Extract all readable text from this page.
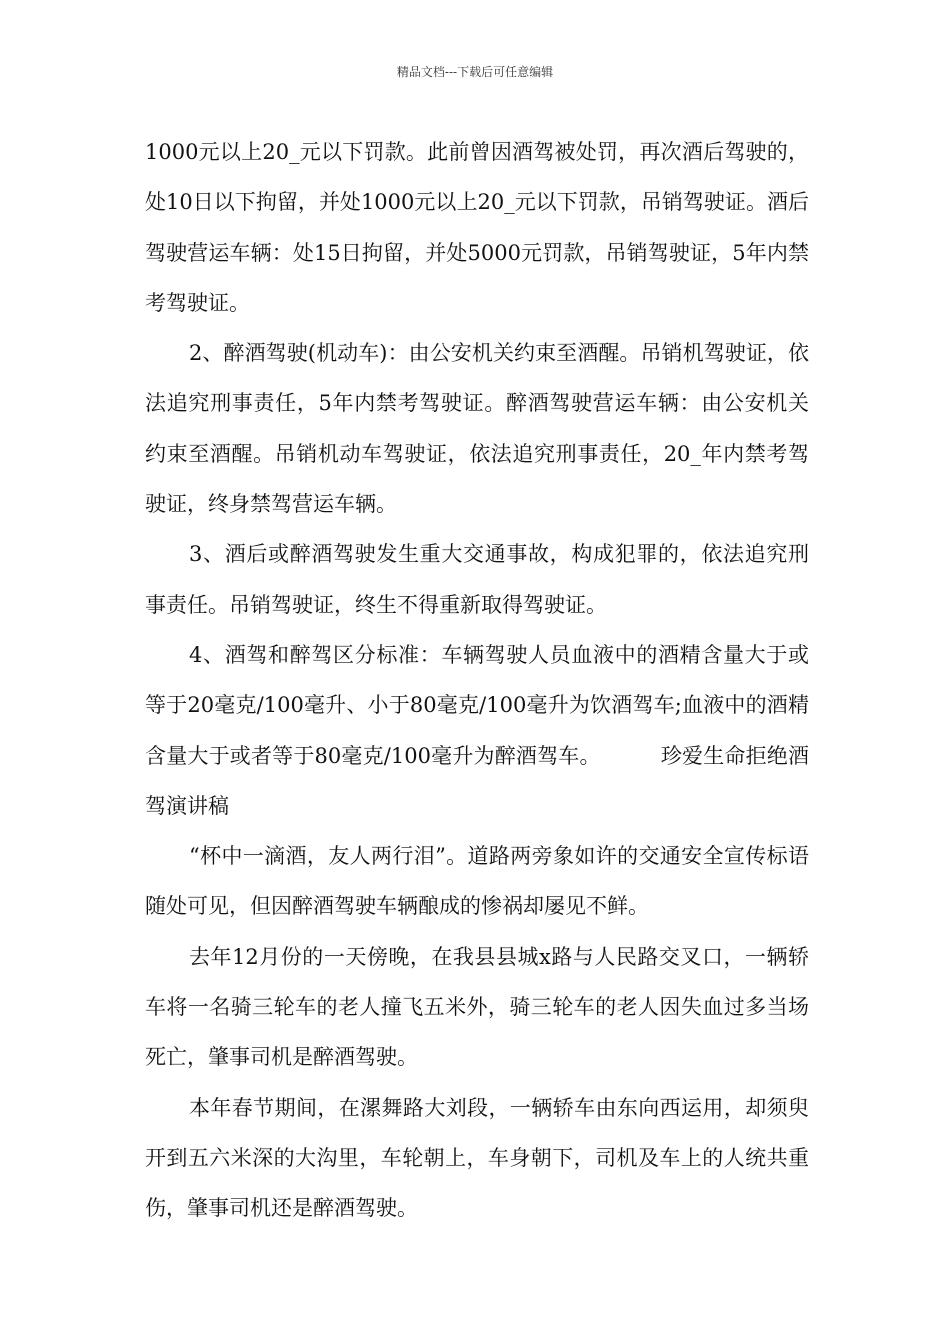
精品文档---下载后可任意编辑

1000元以上20_元以下罚款。此前曾因酒驾被处罚，再次酒后驾驶的，处10日以下拘留，并处1000元以上20_元以下罚款，吊销驾驶证。酒后驾驶营运车辆：处15日拘留，并处5000元罚款，吊销驾驶证，5年内禁考驾驶证。

2、醉酒驾驶(机动车)：由公安机关约束至酒醒。吊销机驾驶证，依法追究刑事责任，5年内禁考驾驶证。醉酒驾驶营运车辆：由公安机关约束至酒醒。吊销机动车驾驶证，依法追究刑事责任，20_年内禁考驾驶证，终身禁驾营运车辆。

3、酒后或醉酒驾驶发生重大交通事故，构成犯罪的，依法追究刑事责任。吊销驾驶证，终生不得重新取得驾驶证。

4、酒驾和醉驾区分标准：车辆驾驶人员血液中的酒精含量大于或等于20毫克/100毫升、小于80毫克/100毫升为饮酒驾车;血液中的酒精含量大于或者等于80毫克/100毫升为醉酒驾车。	珍爱生命拒绝酒驾演讲稿

“杯中一滴酒，友人两行泪”。道路两旁象如许的交通安全宣传标语随处可见，但因醉酒驾驶车辆酿成的惨祸却屡见不鲜。

去年12月份的一天傍晚，在我县县城x路与人民路交叉口，一辆轿车将一名骑三轮车的老人撞飞五米外，骑三轮车的老人因失血过多当场死亡，肇事司机是醉酒驾驶。

本年春节期间，在漯舞路大刘段，一辆轿车由东向西运用，却须臾开到五六米深的大沟里，车轮朝上，车身朝下，司机及车上的人统共重伤，肇事司机还是醉酒驾驶。
